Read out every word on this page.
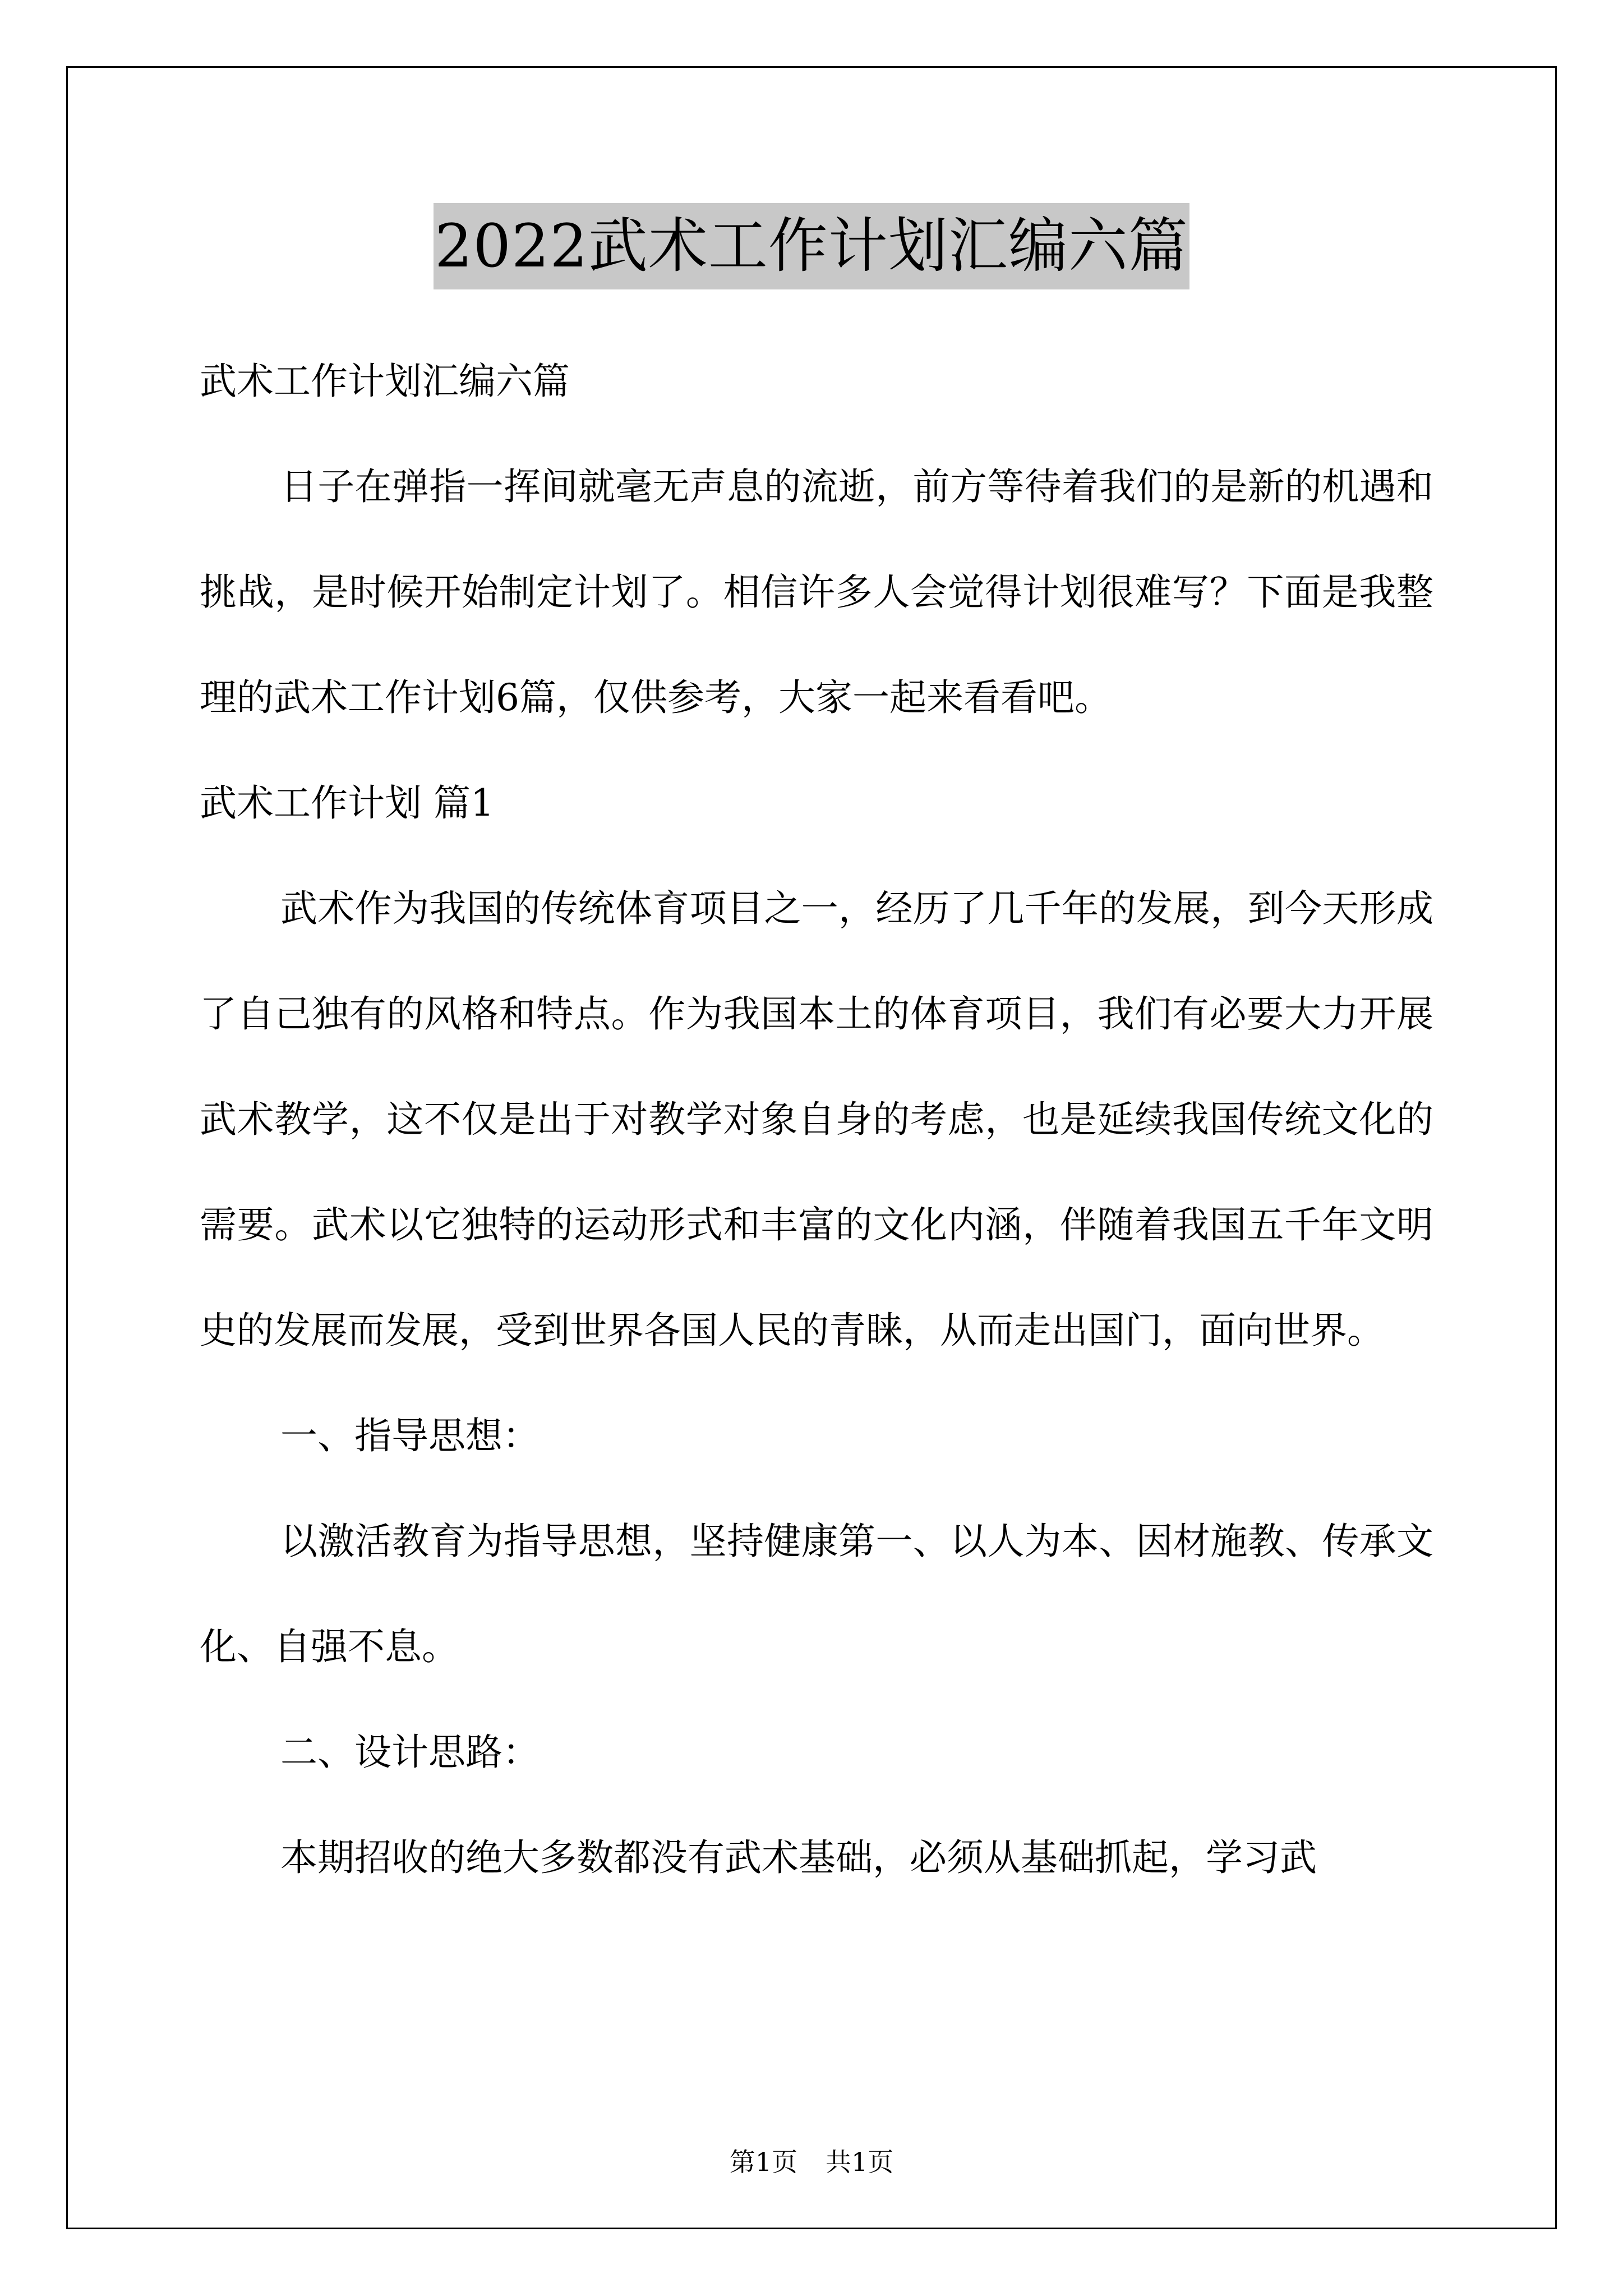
2022武术工作计划汇编六篇

武术工作计划汇编六篇

日子在弹指一挥间就毫无声息的流逝，前方等待着我们的是新的机遇和挑战，是时候开始制定计划了。相信许多人会觉得计划很难写？下面是我整理的武术工作计划6篇，仅供参考，大家一起来看看吧。

武术工作计划 篇1

武术作为我国的传统体育项目之一，经历了几千年的发展，到今天形成了自己独有的风格和特点。作为我国本土的体育项目，我们有必要大力开展武术教学，这不仅是出于对教学对象自身的考虑，也是延续我国传统文化的需要。武术以它独特的运动形式和丰富的文化内涵，伴随着我国五千年文明史的发展而发展，受到世界各国人民的青睐，从而走出国门，面向世界。

一、指导思想：

以激活教育为指导思想，坚持健康第一、以人为本、因材施教、传承文化、自强不息。

二、设计思路：

本期招收的绝大多数都没有武术基础，必须从基础抓起，学习武

第1页 共1页
